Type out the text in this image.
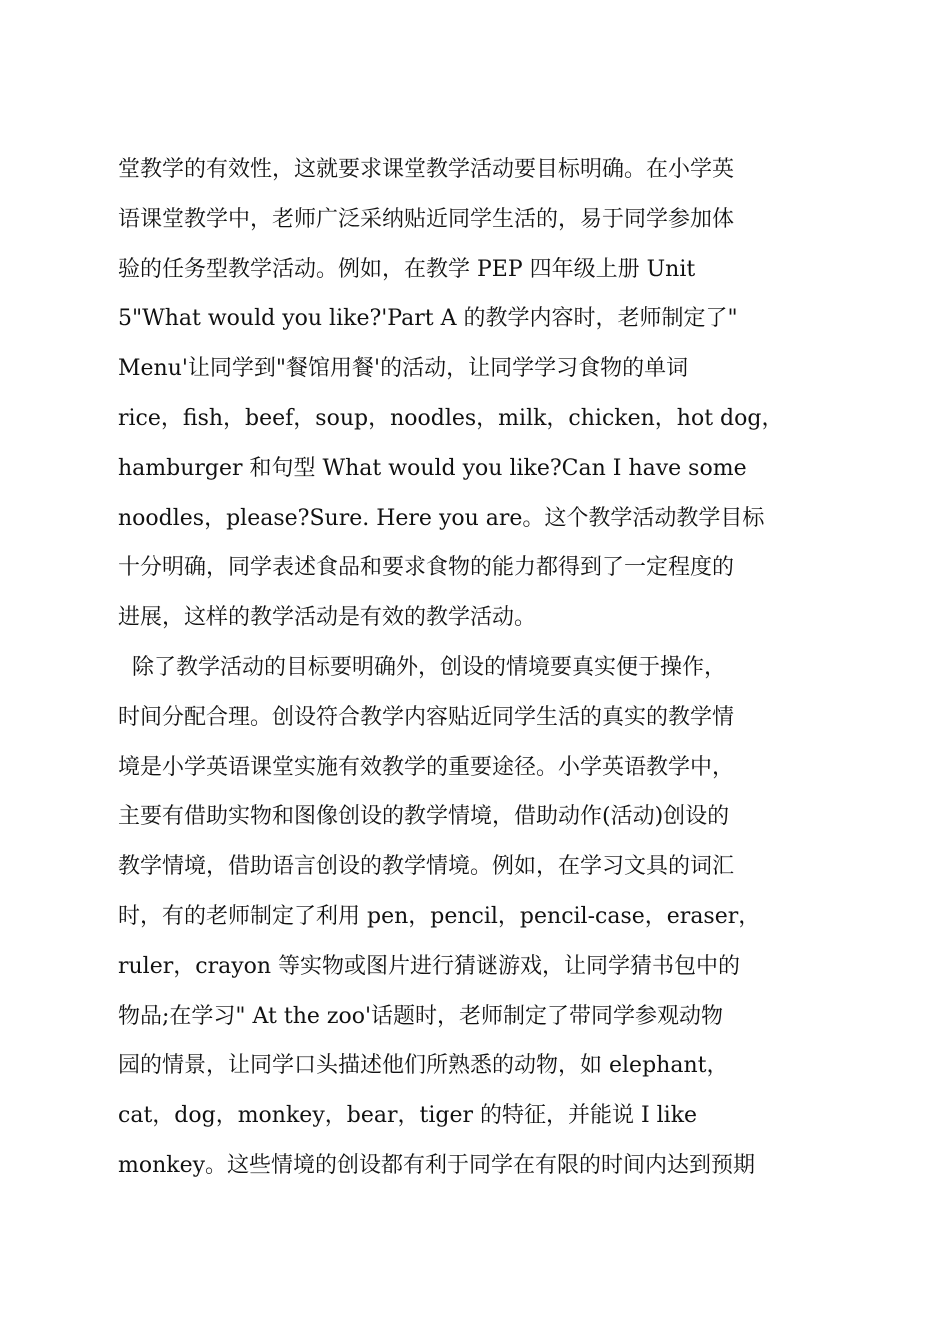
堂教学的有效性，这就要求课堂教学活动要目标明确。在小学英
语课堂教学中，老师广泛采纳贴近同学生活的，易于同学参加体
验的任务型教学活动。例如，在教学 PEP 四年级上册 Unit
5"What would you like?'Part A 的教学内容时，老师制定了"
Menu'让同学到"餐馆用餐'的活动，让同学学习食物的单词
rice，fish，beef，soup，noodles，milk，chicken，hot dog，
hamburger 和句型 What would you like?Can I have some
noodles，please?Sure. Here you are。这个教学活动教学目标
十分明确，同学表述食品和要求食物的能力都得到了一定程度的
进展，这样的教学活动是有效的教学活动。
除了教学活动的目标要明确外，创设的情境要真实便于操作，
时间分配合理。创设符合教学内容贴近同学生活的真实的教学情
境是小学英语课堂实施有效教学的重要途径。小学英语教学中，
主要有借助实物和图像创设的教学情境，借助动作(活动)创设的
教学情境，借助语言创设的教学情境。例如，在学习文具的词汇
时，有的老师制定了利用 pen，pencil，pencil-case，eraser，
ruler，crayon 等实物或图片进行猜谜游戏，让同学猜书包中的
物品;在学习" At the zoo'话题时，老师制定了带同学参观动物
园的情景，让同学口头描述他们所熟悉的动物，如 elephant，
cat，dog，monkey，bear，tiger 的特征，并能说 I like
monkey。这些情境的创设都有利于同学在有限的时间内达到预期
